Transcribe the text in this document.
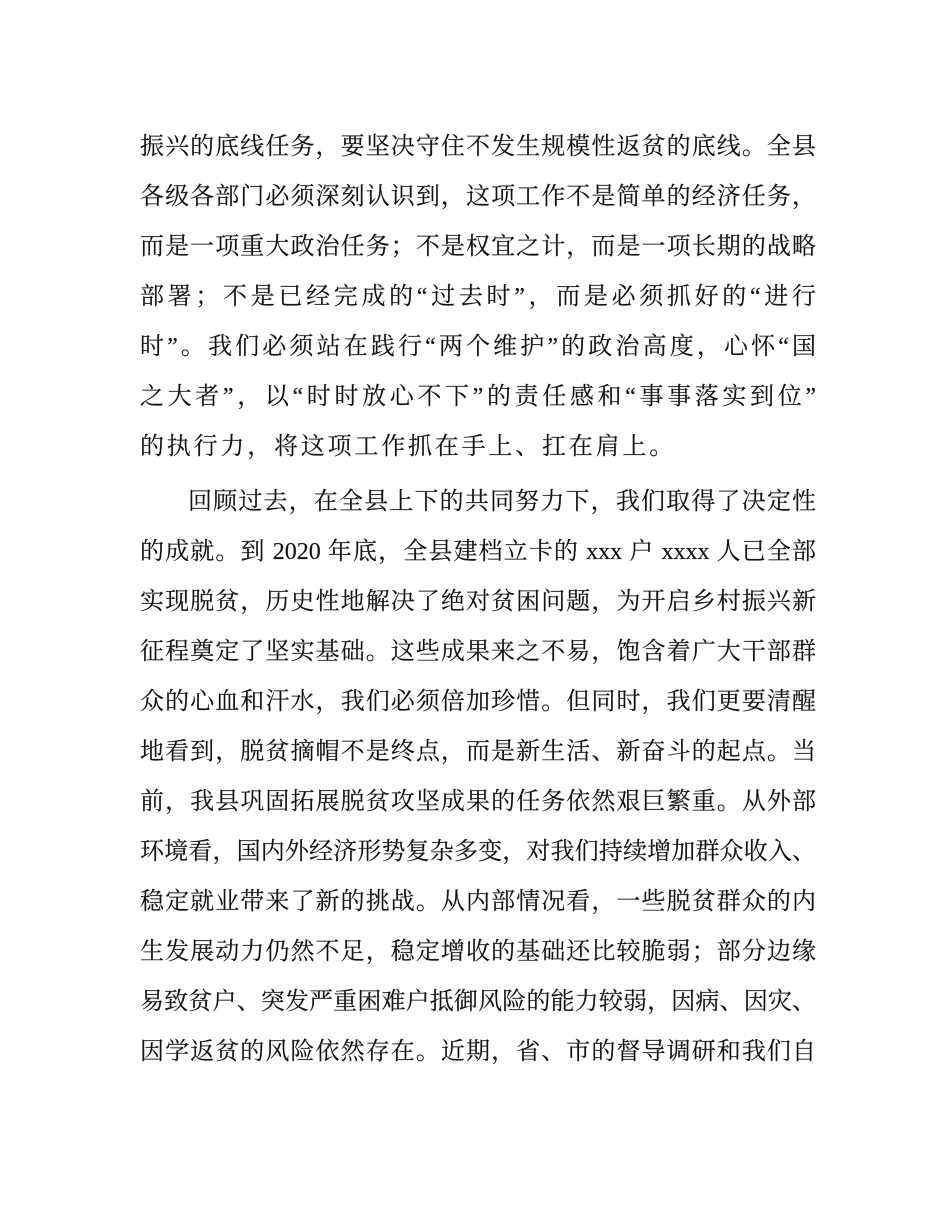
振兴的底线任务，要坚决守住不发生规模性返贫的底线。全县
各级各部门必须深刻认识到，这项工作不是简单的经济任务，
而是一项重大政治任务；不是权宜之计，而是一项长期的战略
部署；不是已经完成的“过去时”，而是必须抓好的“进行
时”。我们必须站在践行“两个维护”的政治高度，心怀“国
之大者”，以“时时放心不下”的责任感和“事事落实到位”
的执行力，将这项工作抓在手上、扛在肩上。
回顾过去，在全县上下的共同努力下，我们取得了决定性
的成就。到 2020 年底，全县建档立卡的 xxx 户 xxxx 人已全部
实现脱贫，历史性地解决了绝对贫困问题，为开启乡村振兴新
征程奠定了坚实基础。这些成果来之不易，饱含着广大干部群
众的心血和汗水，我们必须倍加珍惜。但同时，我们更要清醒
地看到，脱贫摘帽不是终点，而是新生活、新奋斗的起点。当
前，我县巩固拓展脱贫攻坚成果的任务依然艰巨繁重。从外部
环境看，国内外经济形势复杂多变，对我们持续增加群众收入、
稳定就业带来了新的挑战。从内部情况看，一些脱贫群众的内
生发展动力仍然不足，稳定增收的基础还比较脆弱；部分边缘
易致贫户、突发严重困难户抵御风险的能力较弱，因病、因灾、
因学返贫的风险依然存在。近期，省、市的督导调研和我们自
